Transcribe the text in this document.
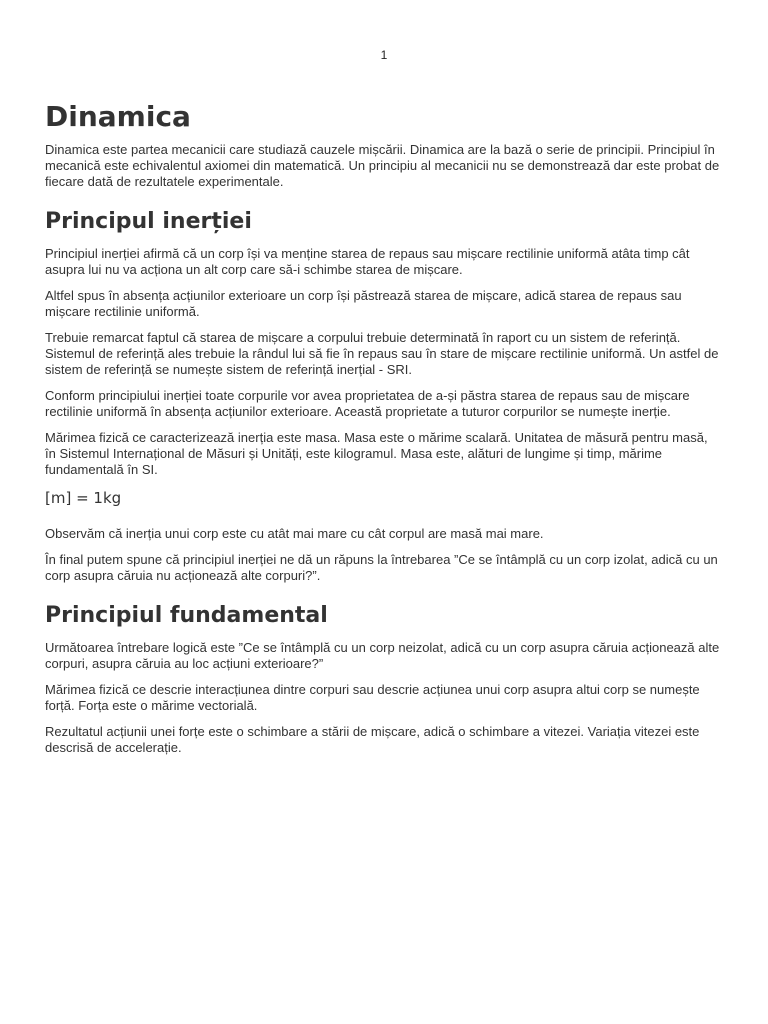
1
Dinamica

Dinamica este partea mecanicii care studiază cauzele mișcării. Dinamica are la bază o serie de principii. Principiul în mecanică este echivalentul axiomei din matematică. Un principiu al mecanicii nu se demonstrează dar este probat de fiecare dată de rezultatele experimentale.

Principul inerției

Principiul inerției afirmă că un corp își va menține starea de repaus sau mișcare rectilinie uniformă atâta timp cât asupra lui nu va acționa un alt corp care să-i schimbe starea de mișcare.

Altfel spus în absența acțiunilor exterioare un corp își păstrează starea de mișcare, adică starea de repaus sau mișcare rectilinie uniformă.

Trebuie remarcat faptul că starea de mișcare a corpului trebuie determinată în raport cu un sistem de referință. Sistemul de referință ales trebuie la rândul lui să fie în repaus sau în stare de mișcare rectilinie uniformă. Un astfel de sistem de referință se numește sistem de referință inerțial - SRI.

Conform principiului inerției toate corpurile vor avea proprietatea de a-și păstra starea de repaus sau de mișcare rectilinie uniformă în absența acțiunilor exterioare. Această proprietate a tuturor corpurilor se numește inerție.

Mărimea fizică ce caracterizează inerția este masa. Masa este o mărime scalară. Unitatea de măsură pentru masă, în Sistemul Internațional de Măsuri și Unități, este kilogramul. Masa este, alături de lungime și timp, mărime fundamentală în SI.

[m] = 1kg

Observăm că inerția unui corp este cu atât mai mare cu cât corpul are masă mai mare.

În final putem spune că principiul inerției ne dă un răpuns la întrebarea ”Ce se întâmplă cu un corp izolat, adică cu un corp asupra căruia nu acționează alte corpuri?”.

Principiul fundamental

Următoarea întrebare logică este ”Ce se întâmplă cu un corp neizolat, adică cu un corp asupra căruia acționează alte corpuri, asupra căruia au loc acțiuni exterioare?”

Mărimea fizică ce descrie interacțiunea dintre corpuri sau descrie acțiunea unui corp asupra altui corp se numește forță. Forța este o mărime vectorială.

Rezultatul acțiunii unei forțe este o schimbare a stării de mișcare, adică o schimbare a vitezei. Variația vitezei este descrisă de accelerație.
